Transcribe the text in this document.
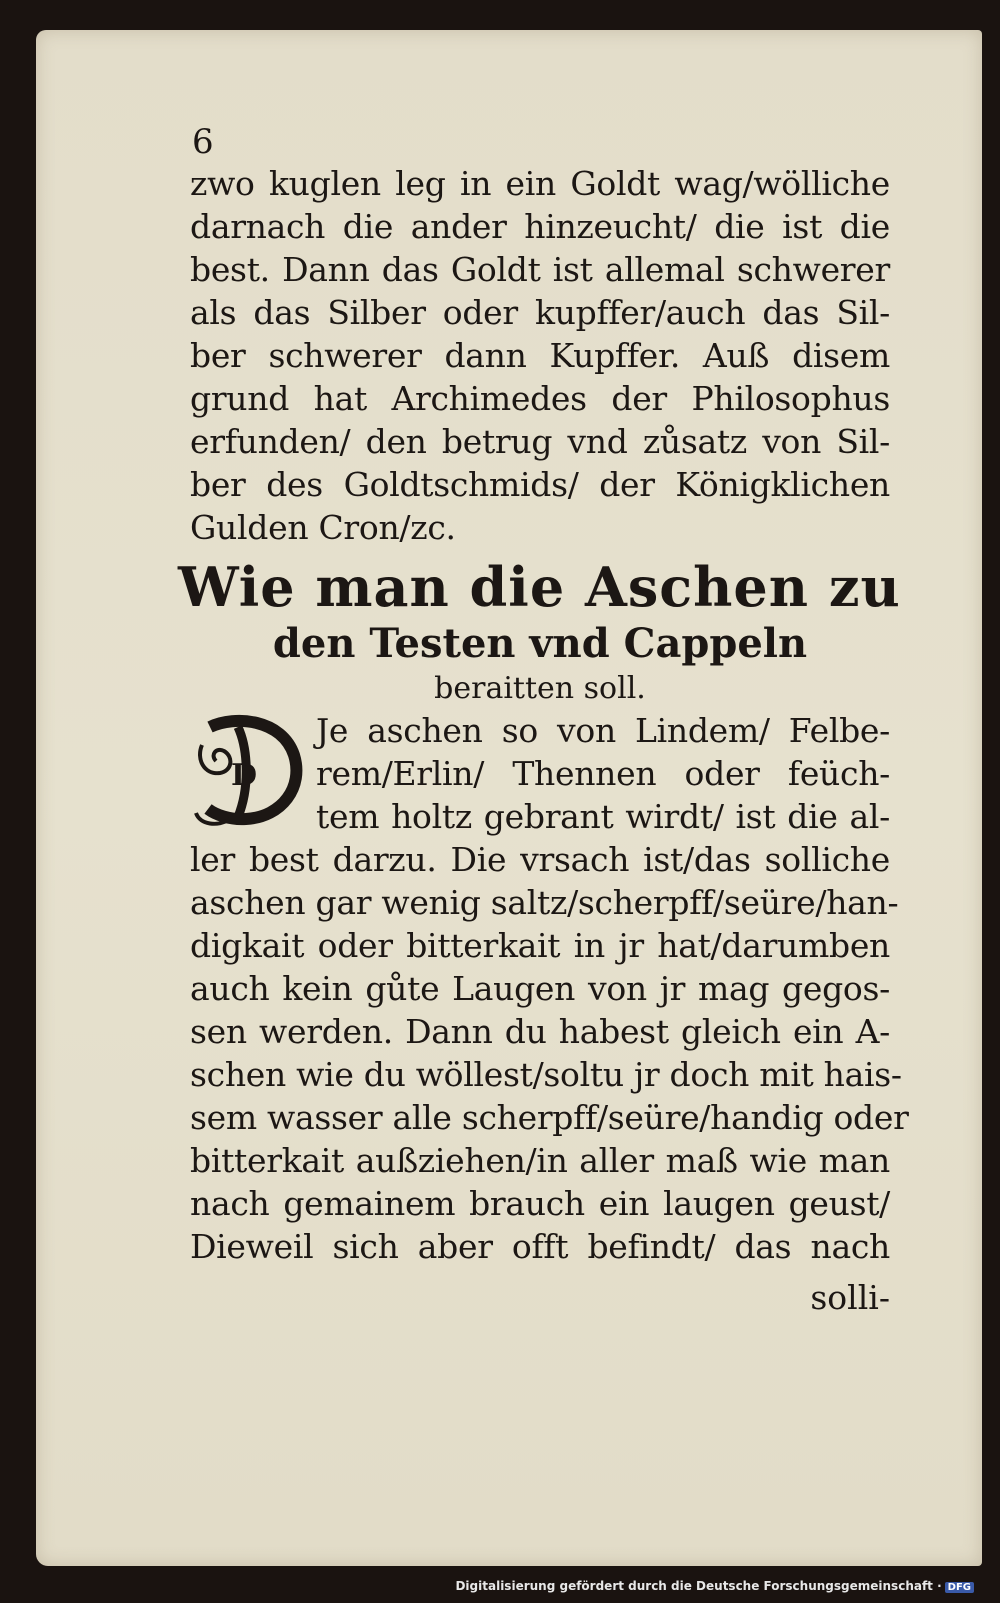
6
zwo kuglen leg in ein Goldt wag/wölliche
darnach die ander hinzeucht/ die ist die
best. Dann das Goldt ist allemal schwerer
als das Silber oder kupffer/auch das Sil-
ber schwerer dann Kupffer. Auß disem
grund hat Archimedes der Philosophus
erfunden/ den betrug vnd zůsatz von Sil-
ber des Goldtschmids/ der Königklichen
Gulden Cron/zc.
Wie man die Aschen zu
den Testen vnd Cappeln
beraitten soll.
D
Je aschen so von Lindem/ Felbe-
rem/Erlin/ Thennen oder feüch-
tem holtz gebrant wirdt/ ist die al-
ler best darzu. Die vrsach ist/das solliche
aschen gar wenig saltz/scherpff/seüre/han-
digkait oder bitterkait in jr hat/darumben
auch kein gůte Laugen von jr mag gegos-
sen werden. Dann du habest gleich ein A-
schen wie du wöllest/soltu jr doch mit hais-
sem wasser alle scherpff/seüre/handig oder
bitterkait außziehen/in aller maß wie man
nach gemainem brauch ein laugen geust/
Dieweil sich aber offt befindt/ das nach
solli-
Digitalisierung gefördert durch die Deutsche Forschungsgemeinschaft · DFG
